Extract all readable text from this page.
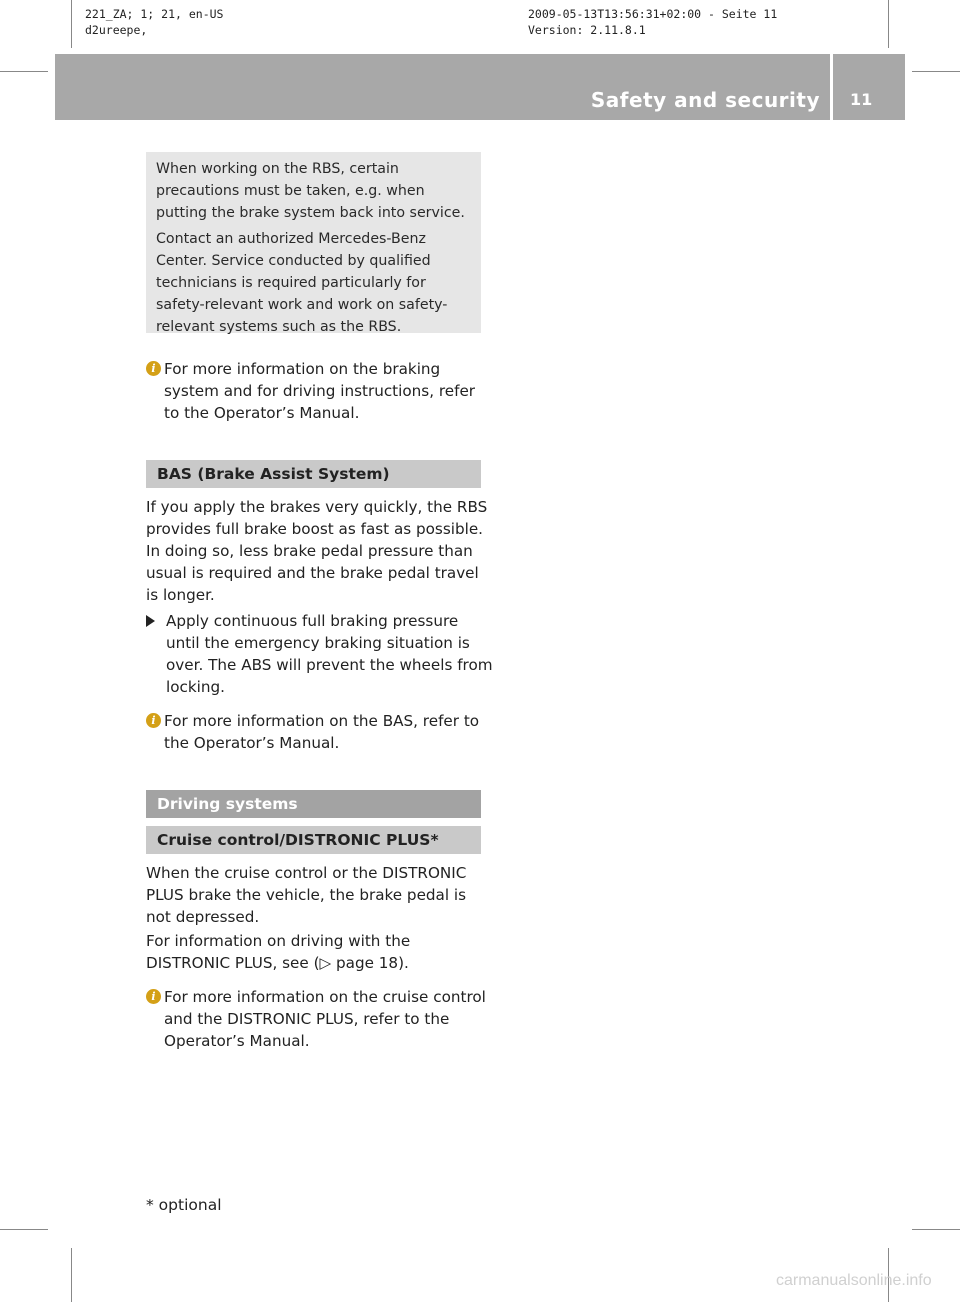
221_ZA; 1; 21, en-US
d2ureepe,
2009-05-13T13:56:31+02:00 - Seite 11
Version: 2.11.8.1
Safety and security 11
When working on the RBS, certain precautions must be taken, e.g. when putting the brake system back into service.
Contact an authorized Mercedes-Benz Center. Service conducted by qualified technicians is required particularly for safety-relevant work and work on safety-relevant systems such as the RBS.
i For more information on the braking system and for driving instructions, refer to the Operator’s Manual.
BAS (Brake Assist System)
If you apply the brakes very quickly, the RBS provides full brake boost as fast as possible. In doing so, less brake pedal pressure than usual is required and the brake pedal travel is longer.
Apply continuous full braking pressure until the emergency braking situation is over. The ABS will prevent the wheels from locking.
i For more information on the BAS, refer to the Operator’s Manual.
Driving systems
Cruise control/DISTRONIC PLUS*
When the cruise control or the DISTRONIC PLUS brake the vehicle, the brake pedal is not depressed.
For information on driving with the DISTRONIC PLUS, see (▷ page 18).
i For more information on the cruise control and the DISTRONIC PLUS, refer to the Operator’s Manual.
* optional
carmanualsonline.info
